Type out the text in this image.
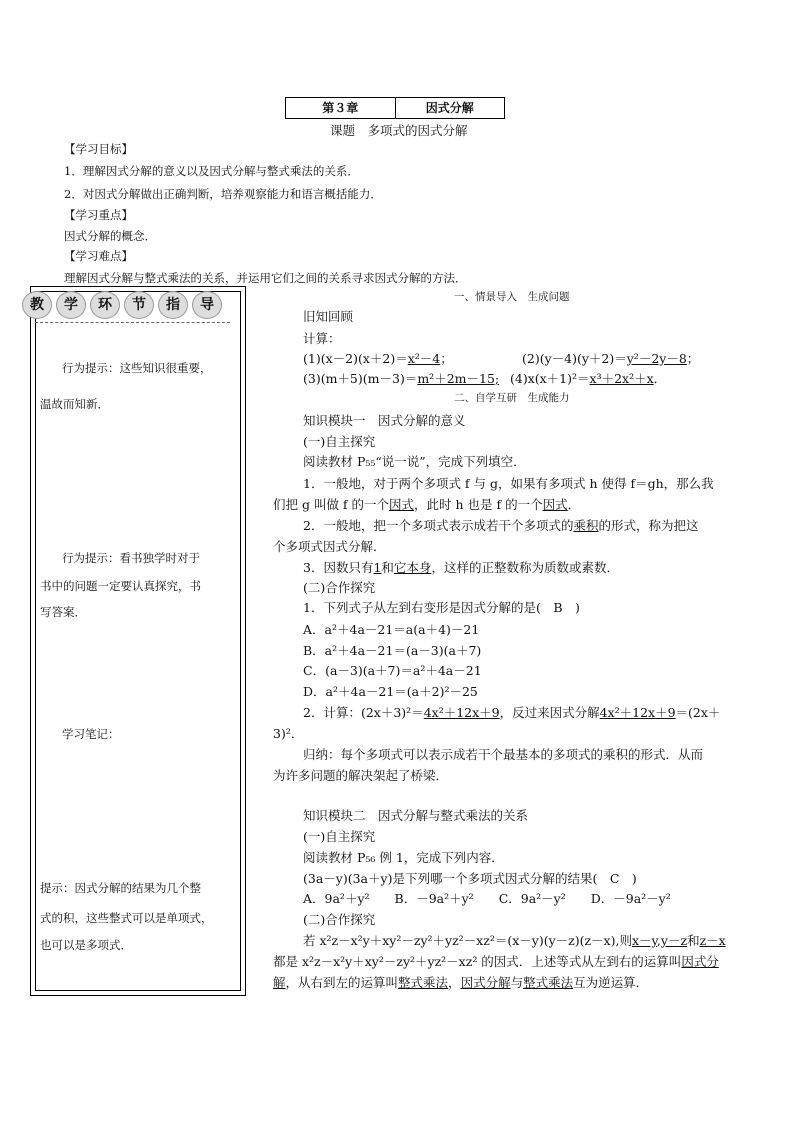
第３章	因式分解
课题　多项式的因式分解
【学习目标】
1．理解因式分解的意义以及因式分解与整式乘法的关系．
2．对因式分解做出正确判断，培养观察能力和语言概括能力．
【学习重点】
因式分解的概念．
【学习难点】
理解因式分解与整式乘法的关系，并运用它们之间的关系寻求因式分解的方法．
教	学	环	节	指	导
行为提示：这些知识很重要，
温故而知新．
行为提示：看书独学时对于
书中的问题一定要认真探究，书
写答案．
学习笔记：
提示：因式分解的结果为几个整
式的积，这些整式可以是单项式，
也可以是多项式．
一、情景导入　生成问题
旧知回顾
计算：
(1)(x－2)(x＋2)＝x²－4；	(2)(y－4)(y＋2)＝y²－2y－8；
(3)(m＋5)(m－3)＝m²＋2m－15; (4)x(x＋1)²＝x³＋2x²＋x．
二、自学互研　生成能力
知识模块一　因式分解的意义
(一)自主探究
阅读教材 P₅₅“说一说”，完成下列填空．
1．一般地，对于两个多项式 f 与 g，如果有多项式 h 使得 f＝gh，那么我
们把 g 叫做 f 的一个因式，此时 h 也是 f 的一个因式．
2．一般地，把一个多项式表示成若干个多项式的乘积的形式，称为把这
个多项式因式分解．
3．因数只有1和它本身，这样的正整数称为质数或素数．
(二)合作探究
1．下列式子从左到右变形是因式分解的是(　B　)
A．a²＋4a－21＝a(a＋4)－21
B．a²＋4a－21＝(a－3)(a＋7)
C．(a－3)(a＋7)＝a²＋4a－21
D．a²＋4a－21＝(a＋2)²－25
2．计算：(2x＋3)²＝4x²＋12x＋9，反过来因式分解4x²＋12x＋9＝(2x＋
3)²．
归纳：每个多项式可以表示成若干个最基本的多项式的乘积的形式．从而
为许多问题的解决架起了桥梁．
知识模块二　因式分解与整式乘法的关系
(一)自主探究
阅读教材 P₅₆ 例 1，完成下列内容．
(3a－y)(3a＋y)是下列哪一个多项式因式分解的结果(　C　)
A．9a²＋y²　　B．－9a²＋y²　　C．9a²－y²　　D．－9a²－y²
(二)合作探究
若 x²z－x²y＋xy²－zy²＋yz²－xz²＝(x－y)(y－z)(z－x),则x－y,y－z和z－x
都是 x²z－x²y＋xy²－zy²＋yz²－xz² 的因式．上述等式从左到右的运算叫因式分
解，从右到左的运算叫整式乘法，因式分解与整式乘法互为逆运算．
